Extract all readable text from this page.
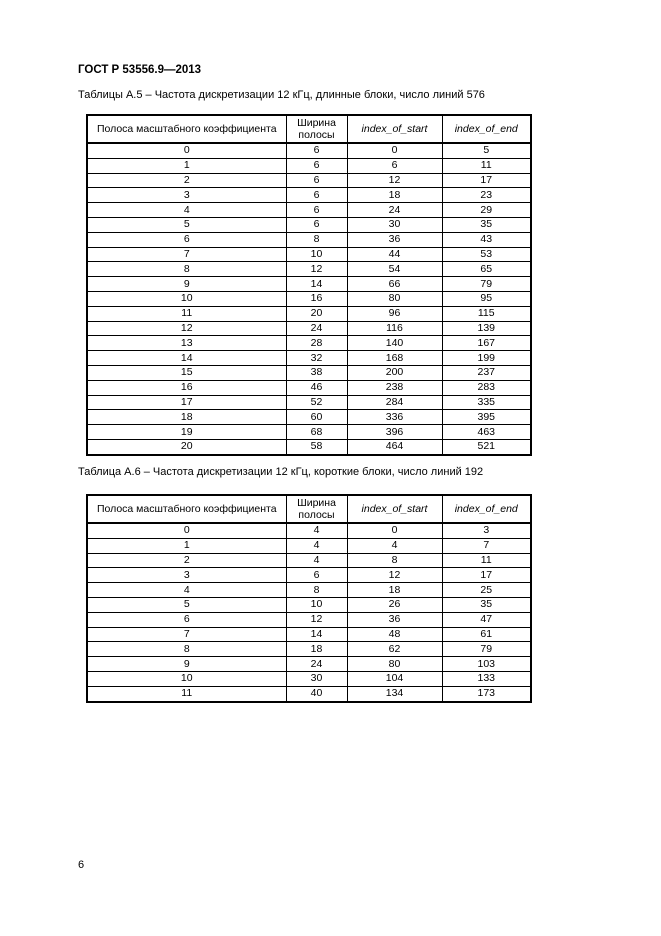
ГОСТ Р 53556.9—2013
Таблицы А.5 – Частота дискретизации 12 кГц, длинные блоки, число линий 576
Полоса масштабного коэффициента	Ширина полосы	index_of_start	index_of_end
0	6	0	5
1	6	6	11
2	6	12	17
3	6	18	23
4	6	24	29
5	6	30	35
6	8	36	43
7	10	44	53
8	12	54	65
9	14	66	79
10	16	80	95
11	20	96	115
12	24	116	139
13	28	140	167
14	32	168	199
15	38	200	237
16	46	238	283
17	52	284	335
18	60	336	395
19	68	396	463
20	58	464	521
Таблица А.6 – Частота дискретизации 12 кГц, короткие блоки, число линий 192
Полоса масштабного коэффициента	Ширина полосы	index_of_start	index_of_end
0	4	0	3
1	4	4	7
2	4	8	11
3	6	12	17
4	8	18	25
5	10	26	35
6	12	36	47
7	14	48	61
8	18	62	79
9	24	80	103
10	30	104	133
11	40	134	173
6
